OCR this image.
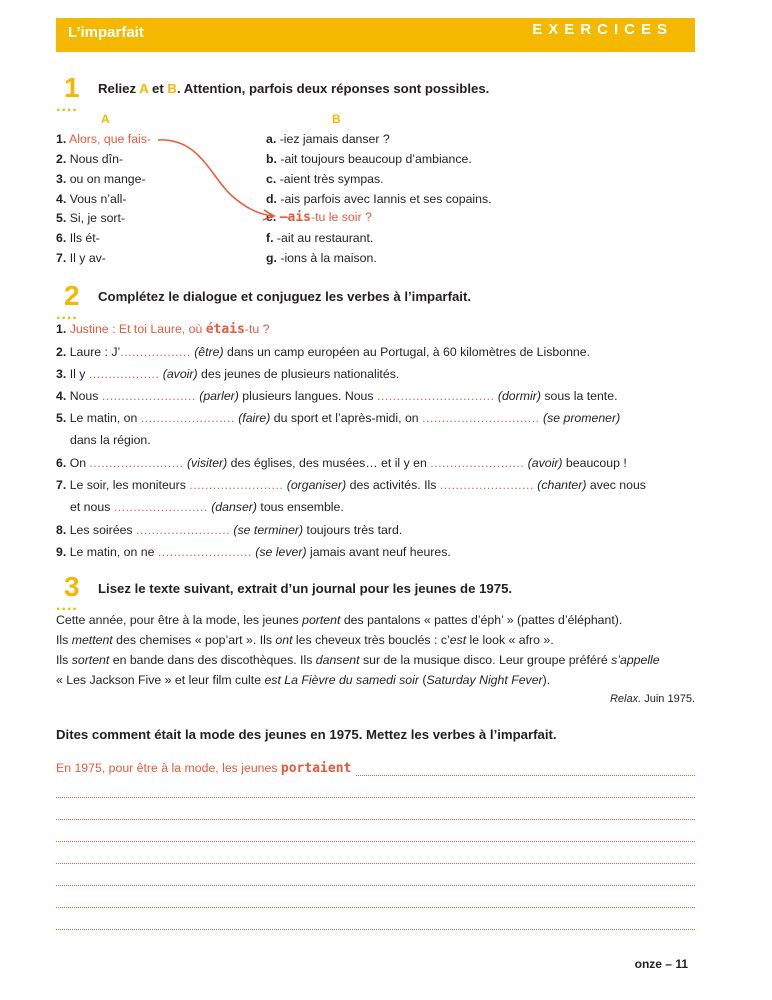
L’imparfait	EXERCICES
1
....
Reliez A et B. Attention, parfois deux réponses sont possibles.
A	B
1. Alors, que fais-
2. Nous dîn-
3. ou on mange-
4. Vous n’all-
5. Si, je sort-
6. Ils ét-
7. Il y av-
a. -iez jamais danser ?
b. -ait toujours beaucoup d’ambiance.
c. -aient très sympas.
d. -ais parfois avec Iannis et ses copains.
e. –ais-tu le soir ?
f. -ait au restaurant.
g. -ions à la maison.
2
....
Complétez le dialogue et conjuguez les verbes à l’imparfait.
1. Justine : Et toi Laure, où étais-tu ?
2. Laure : J’.................. (être) dans un camp européen au Portugal, à 60 kilomètres de Lisbonne.
3. Il y .................. (avoir) des jeunes de plusieurs nationalités.
4. Nous ........................ (parler) plusieurs langues. Nous .............................. (dormir) sous la tente.
5. Le matin, on ........................ (faire) du sport et l’après-midi, on .............................. (se promener)
dans la région.
6. On ........................ (visiter) des églises, des musées… et il y en ........................ (avoir) beaucoup !
7. Le soir, les moniteurs ........................ (organiser) des activités. Ils ........................ (chanter) avec nous
et nous ........................ (danser) tous ensemble.
8. Les soirées ........................ (se terminer) toujours très tard.
9. Le matin, on ne ........................ (se lever) jamais avant neuf heures.
3
....
Lisez le texte suivant, extrait d’un journal pour les jeunes de 1975.
Cette année, pour être à la mode, les jeunes portent des pantalons « pattes d’éph’ » (pattes d’éléphant).
Ils mettent des chemises « pop’art ». Ils ont les cheveux très bouclés : c’est le look « afro ».
Ils sortent en bande dans des discothèques. Ils dansent sur de la musique disco. Leur groupe préféré s’appelle
« Les Jackson Five » et leur film culte est La Fièvre du samedi soir (Saturday Night Fever).
Relax. Juin 1975.
Dites comment était la mode des jeunes en 1975. Mettez les verbes à l’imparfait.
En 1975, pour être à la mode, les jeunes portaient
onze – 11
